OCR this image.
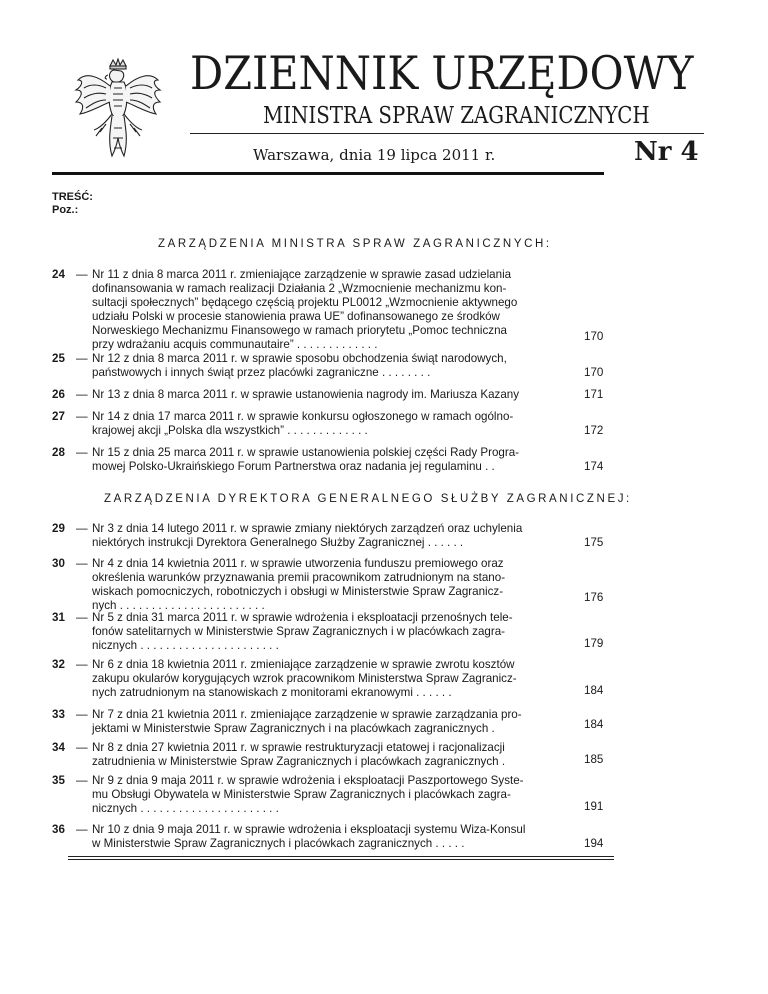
DZIENNIK URZĘDOWY
MINISTRA SPRAW ZAGRANICZNYCH
Warszawa, dnia 19 lipca 2011 r.	Nr 4
TREŚĆ:
Poz.:
ZARZĄDZENIA MINISTRA SPRAW ZAGRANICZNYCH:
24 — Nr 11 z dnia 8 marca 2011 r. zmieniające zarządzenie w sprawie zasad udzielania
dofinansowania w ramach realizacji Działania 2 „Wzmocnienie mechanizmu kon-
sultacji społecznych” będącego częścią projektu PL0012 „Wzmocnienie aktywnego
udziału Polski w procesie stanowienia prawa UE” dofinansowanego ze środków
Norweskiego Mechanizmu Finansowego w ramach priorytetu „Pomoc techniczna
przy wdrażaniu acquis communautaire” . . . . . . . . . . . . .
170
25 — Nr 12 z dnia 8 marca 2011 r. w sprawie sposobu obchodzenia świąt narodowych,
państwowych i innych świąt przez placówki zagraniczne . . . . . . . .	170
26 — Nr 13 z dnia 8 marca 2011 r. w sprawie ustanowienia nagrody im. Mariusza Kazany	171
27 — Nr 14 z dnia 17 marca 2011 r. w sprawie konkursu ogłoszonego w ramach ogólno-
krajowej akcji „Polska dla wszystkich” . . . . . . . . . . . . .	172
28 — Nr 15 z dnia 25 marca 2011 r. w sprawie ustanowienia polskiej części Rady Progra-
mowej Polsko-Ukraińskiego Forum Partnerstwa oraz nadania jej regulaminu . .	174
ZARZĄDZENIA DYREKTORA GENERALNEGO SŁUŻBY ZAGRANICZNEJ:
29 — Nr 3 z dnia 14 lutego 2011 r. w sprawie zmiany niektórych zarządzeń oraz uchylenia
niektórych instrukcji Dyrektora Generalnego Służby Zagranicznej . . . . . .	175
30 — Nr 4 z dnia 14 kwietnia 2011 r. w sprawie utworzenia funduszu premiowego oraz
określenia warunków przyznawania premii pracownikom zatrudnionym na stano-
wiskach pomocniczych, robotniczych i obsługi w Ministerstwie Spraw Zagranicz-
nych . . . . . . . . . . . . . . . . . . . . . . .
176
31 — Nr 5 z dnia 31 marca 2011 r. w sprawie wdrożenia i eksploatacji przenośnych tele-
fonów satelitarnych w Ministerstwie Spraw Zagranicznych i w placówkach zagra-
nicznych . . . . . . . . . . . . . . . . . . . . . .	179
32 — Nr 6 z dnia 18 kwietnia 2011 r. zmieniające zarządzenie w sprawie zwrotu kosztów
zakupu okularów korygujących wzrok pracownikom Ministerstwa Spraw Zagranicz-
nych zatrudnionym na stanowiskach z monitorami ekranowymi . . . . . .	184
33 — Nr 7 z dnia 21 kwietnia 2011 r. zmieniające zarządzenie w sprawie zarządzania pro-
jektami w Ministerstwie Spraw Zagranicznych i na placówkach zagranicznych .	184
34 — Nr 8 z dnia 27 kwietnia 2011 r. w sprawie restrukturyzacji etatowej i racjonalizacji
zatrudnienia w Ministerstwie Spraw Zagranicznych i placówkach zagranicznych .	185
35 — Nr 9 z dnia 9 maja 2011 r. w sprawie wdrożenia i eksploatacji Paszportowego Syste-
mu Obsługi Obywatela w Ministerstwie Spraw Zagranicznych i placówkach zagra-
nicznych . . . . . . . . . . . . . . . . . . . . . .	191
36 — Nr 10 z dnia 9 maja 2011 r. w sprawie wdrożenia i eksploatacji systemu Wiza-Konsul
w Ministerstwie Spraw Zagranicznych i placówkach zagranicznych . . . . .	194
